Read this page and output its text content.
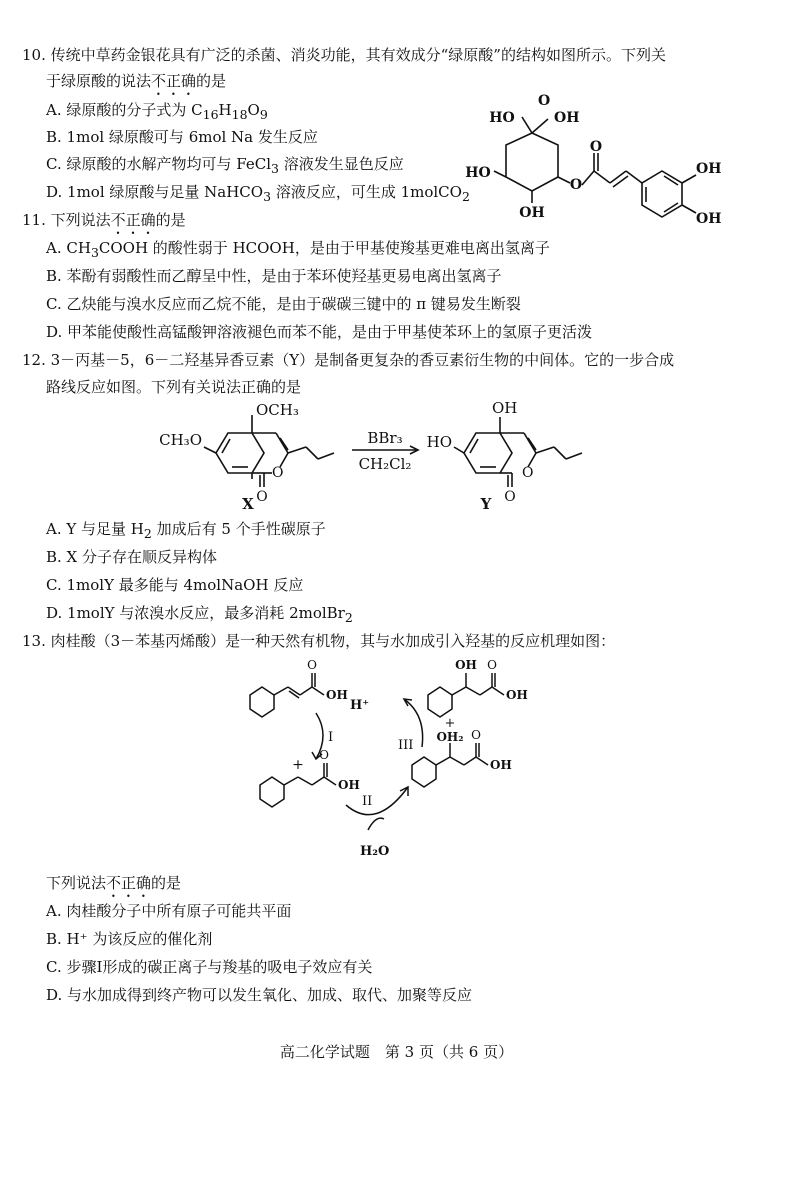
10. 传统中草药金银花具有广泛的杀菌、消炎功能，其有效成分“绿原酸”的结构如图所示。下列关
于绿原酸的说法不正确的是
A. 绿原酸的分子式为 $C_{16}H_{18}O_9$
B. 1mol 绿原酸可与 6mol Na 发生反应
C. 绿原酸的水解产物均可与 FeCl$_3$ 溶液发生显色反应
D. 1mol 绿原酸与足量 NaHCO$_3$ 溶液反应，可生成 1molCO$_2$
HO
O
OH
HO
OH
O
O
OH
OH
11. 下列说法不正确的是
A. $CH_3COOH$ 的酸性弱于 HCOOH，是由于甲基使羧基更难电离出氢离子
B. 苯酚有弱酸性而乙醇呈中性，是由于苯环使羟基更易电离出氢离子
C. 乙炔能与溴水反应而乙烷不能，是由于碳碳三键中的 π 键易发生断裂
D. 甲苯能使酸性高锰酸钾溶液褪色而苯不能，是由于甲基使苯环上的氢原子更活泼
12. 3－丙基－5，6－二羟基异香豆素（Y）是制备更复杂的香豆素衍生物的中间体。它的一步合成
路线反应如图。下列有关说法正确的是
OCH₃
CH₃O
O
O
X
BBr₃
CH₂Cl₂
OH
HO
O
O
Y
A. Y 与足量 $H_2$ 加成后有 5 个手性碳原子
B. X 分子存在顺反异构体
C. 1molY 最多能与 4molNaOH 反应
D. 1molY 与浓溴水反应，最多消耗 2molBr$_2$
13. 肉桂酸（3－苯基丙烯酸）是一种天然有机物，其与水加成引入羟基的反应机理如图：
O
OH
H⁺
I
+
O
OH
II
H₂O
III
+
OH₂ O
OH
OH O
OH
下列说法不正确的是
A. 肉桂酸分子中所有原子可能共平面
B. H⁺ 为该反应的催化剂
C. 步骤Ⅰ形成的碳正离子与羧基的吸电子效应有关
D. 与水加成得到终产物可以发生氧化、加成、取代、加聚等反应
高二化学试题　第 3 页（共 6 页）
